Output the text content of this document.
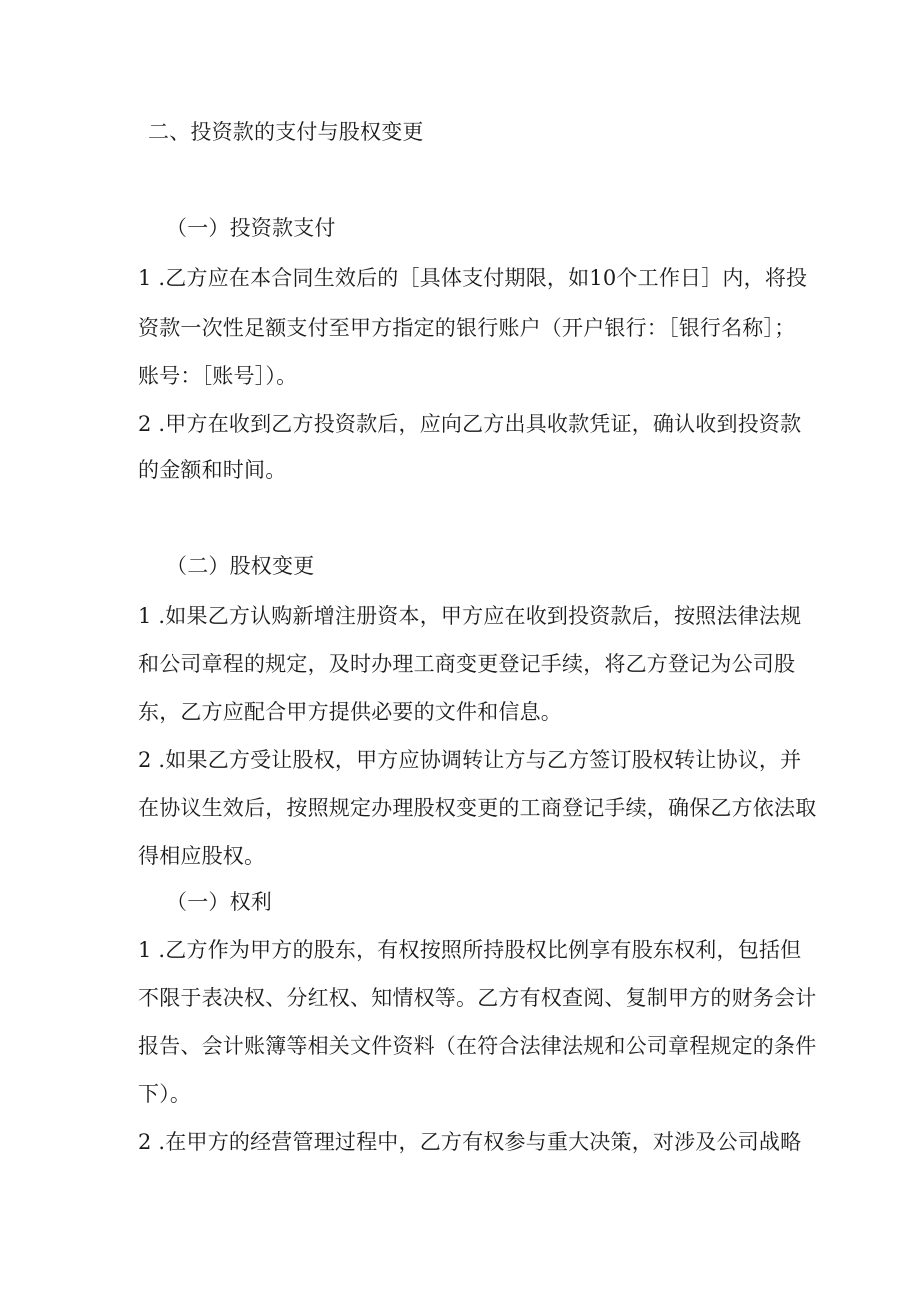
二、投资款的支付与股权变更
（一）投资款支付
1 .乙方应在本合同生效后的［具体支付期限，如10个工作日］内，将投
资款一次性足额支付至甲方指定的银行账户（开户银行：［银行名称］；
账号：［账号］）。
2 .甲方在收到乙方投资款后，应向乙方出具收款凭证，确认收到投资款
的金额和时间。
（二）股权变更
1 .如果乙方认购新增注册资本，甲方应在收到投资款后，按照法律法规
和公司章程的规定，及时办理工商变更登记手续，将乙方登记为公司股
东，乙方应配合甲方提供必要的文件和信息。
2 .如果乙方受让股权，甲方应协调转让方与乙方签订股权转让协议，并
在协议生效后，按照规定办理股权变更的工商登记手续，确保乙方依法取
得相应股权。
（一）权利
1 .乙方作为甲方的股东，有权按照所持股权比例享有股东权利，包括但
不限于表决权、分红权、知情权等。乙方有权查阅、复制甲方的财务会计
报告、会计账簿等相关文件资料（在符合法律法规和公司章程规定的条件
下）。
2 .在甲方的经营管理过程中，乙方有权参与重大决策，对涉及公司战略
